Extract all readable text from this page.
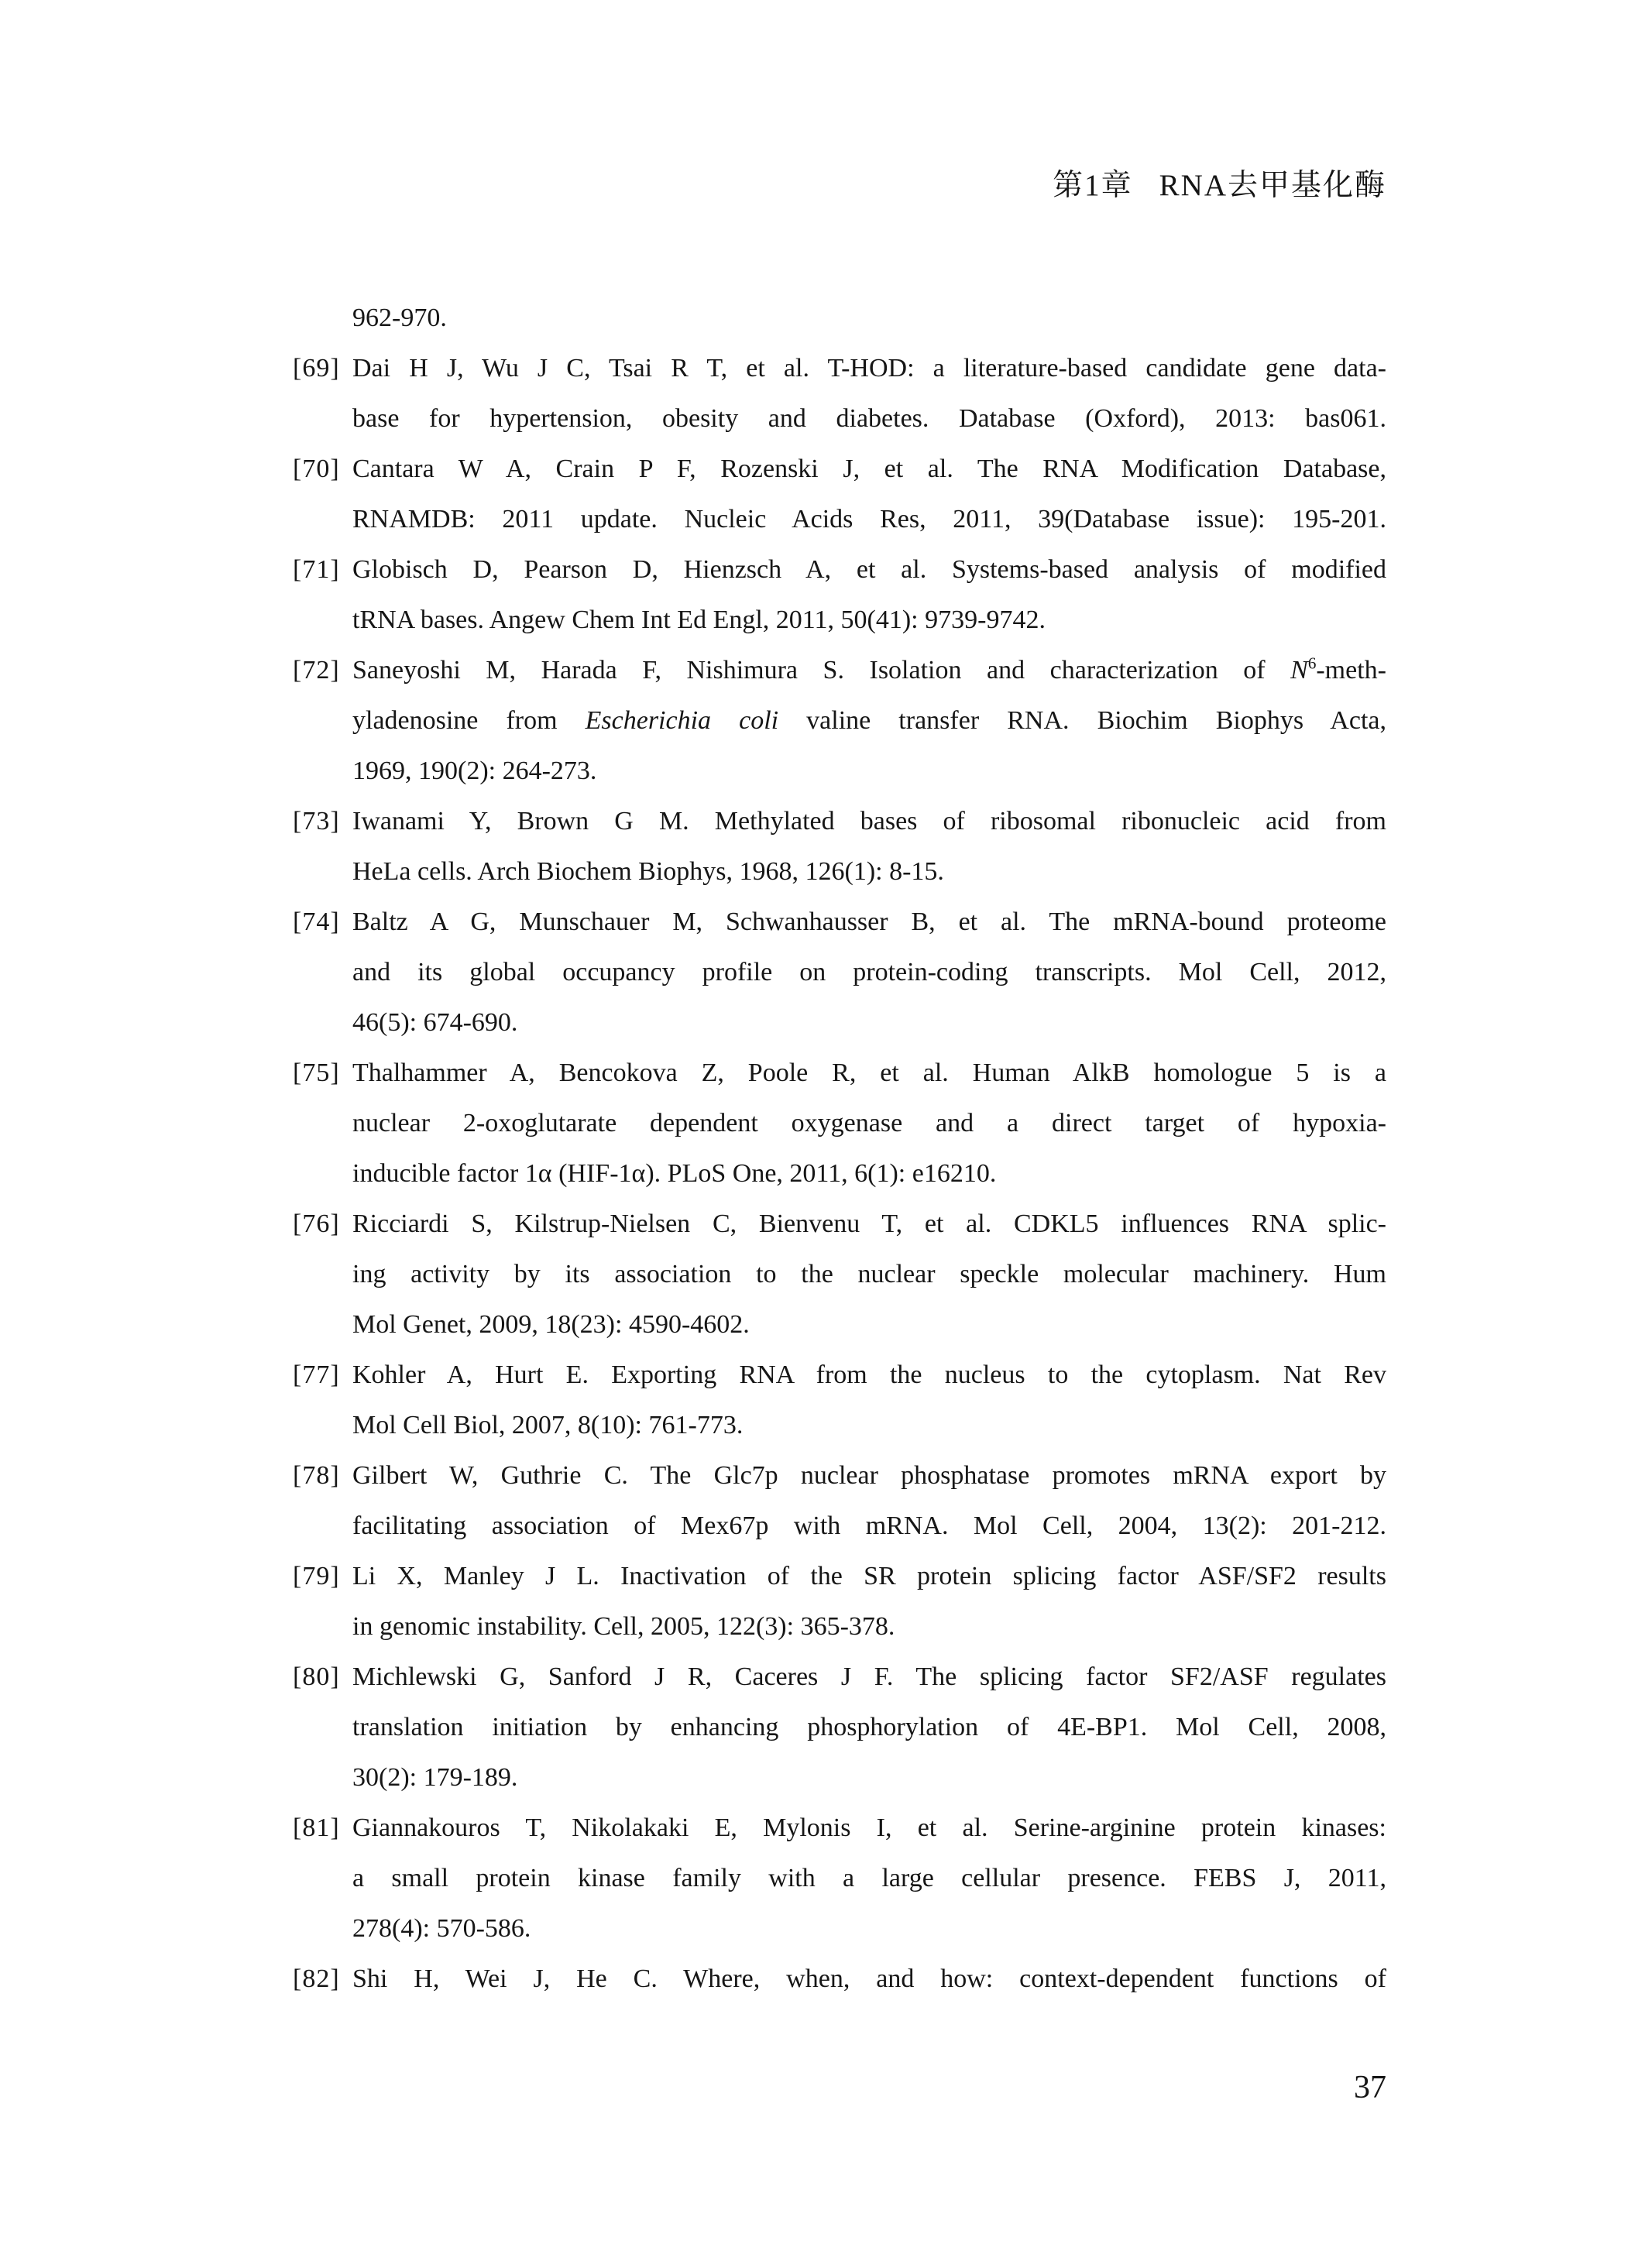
第1章 RNA去甲基化酶
962-970.
[69] Dai H J, Wu J C, Tsai R T, et al. T-HOD: a literature-based candidate gene data-
base for hypertension, obesity and diabetes. Database (Oxford), 2013: bas061.
[70] Cantara W A, Crain P F, Rozenski J, et al. The RNA Modification Database,
RNAMDB: 2011 update. Nucleic Acids Res, 2011, 39(Database issue): 195-201.
[71] Globisch D, Pearson D, Hienzsch A, et al. Systems-based analysis of modified
tRNA bases. Angew Chem Int Ed Engl, 2011, 50(41): 9739-9742.
[72] Saneyoshi M, Harada F, Nishimura S. Isolation and characterization of $N^6-meth-$
yladenosine from Escherichia coli valine transfer RNA. Biochim Biophys Acta,
1969, 190(2): 264-273.
[73] Iwanami Y, Brown G M. Methylated bases of ribosomal ribonucleic acid from
HeLa cells. Arch Biochem Biophys, 1968, 126(1): 8-15.
[74] Baltz A G, Munschauer M, Schwanhausser B, et al. The mRNA-bound proteome
and its global occupancy profile on protein-coding transcripts. Mol Cell, 2012,
46(5): 674-690.
[75] Thalhammer A, Bencokova Z, Poole R, et al. Human AlkB homologue 5 is a
nuclear 2-oxoglutarate dependent oxygenase and a direct target of hypoxia-
inducible factor 1α (HIF-1α). PLoS One, 2011, 6(1): e16210.
[76] Ricciardi S, Kilstrup-Nielsen C, Bienvenu T, et al. CDKL5 influences RNA splic-
ing activity by its association to the nuclear speckle molecular machinery. Hum
Mol Genet, 2009, 18(23): 4590-4602.
[77] Kohler A, Hurt E. Exporting RNA from the nucleus to the cytoplasm. Nat Rev
Mol Cell Biol, 2007, 8(10): 761-773.
[78] Gilbert W, Guthrie C. The Glc7p nuclear phosphatase promotes mRNA export by
facilitating association of Mex67p with mRNA. Mol Cell, 2004, 13(2): 201-212.
[79] Li X, Manley J L. Inactivation of the SR protein splicing factor ASF/SF2 results
in genomic instability. Cell, 2005, 122(3): 365-378.
[80] Michlewski G, Sanford J R, Caceres J F. The splicing factor SF2/ASF regulates
translation initiation by enhancing phosphorylation of 4E-BP1. Mol Cell, 2008,
30(2): 179-189.
[81] Giannakouros T, Nikolakaki E, Mylonis I, et al. Serine-arginine protein kinases:
a small protein kinase family with a large cellular presence. FEBS J, 2011,
278(4): 570-586.
[82] Shi H, Wei J, He C. Where, when, and how: context-dependent functions of
37
